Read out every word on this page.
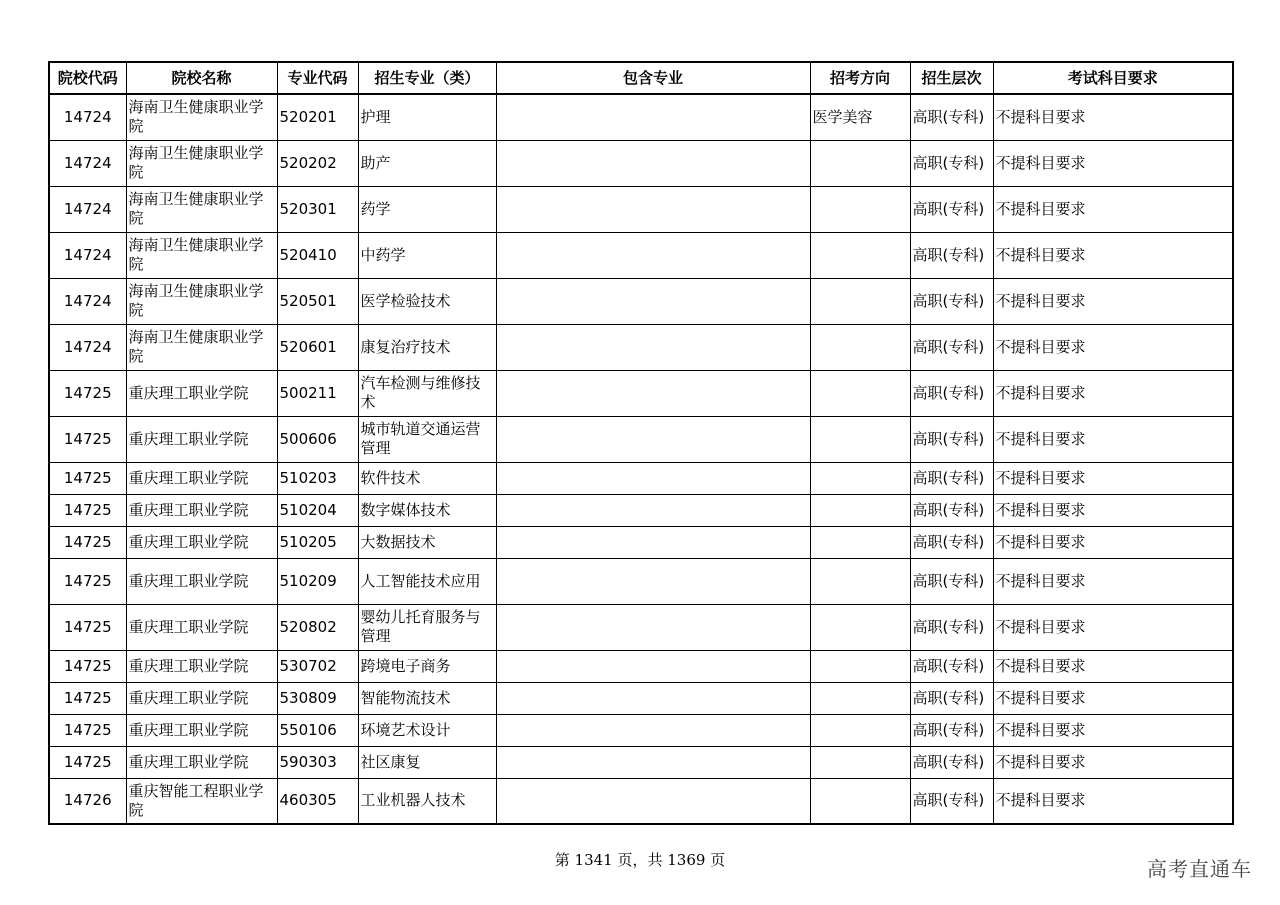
院校代码	院校名称	专业代码	招生专业（类）	包含专业	招考方向	招生层次	考试科目要求
14724	海南卫生健康职业学院	520201	护理		医学美容	高职(专科)	不提科目要求
14724	海南卫生健康职业学院	520202	助产			高职(专科)	不提科目要求
14724	海南卫生健康职业学院	520301	药学			高职(专科)	不提科目要求
14724	海南卫生健康职业学院	520410	中药学			高职(专科)	不提科目要求
14724	海南卫生健康职业学院	520501	医学检验技术			高职(专科)	不提科目要求
14724	海南卫生健康职业学院	520601	康复治疗技术			高职(专科)	不提科目要求
14725	重庆理工职业学院	500211	汽车检测与维修技术			高职(专科)	不提科目要求
14725	重庆理工职业学院	500606	城市轨道交通运营管理			高职(专科)	不提科目要求
14725	重庆理工职业学院	510203	软件技术			高职(专科)	不提科目要求
14725	重庆理工职业学院	510204	数字媒体技术			高职(专科)	不提科目要求
14725	重庆理工职业学院	510205	大数据技术			高职(专科)	不提科目要求
14725	重庆理工职业学院	510209	人工智能技术应用			高职(专科)	不提科目要求
14725	重庆理工职业学院	520802	婴幼儿托育服务与管理			高职(专科)	不提科目要求
14725	重庆理工职业学院	530702	跨境电子商务			高职(专科)	不提科目要求
14725	重庆理工职业学院	530809	智能物流技术			高职(专科)	不提科目要求
14725	重庆理工职业学院	550106	环境艺术设计			高职(专科)	不提科目要求
14725	重庆理工职业学院	590303	社区康复			高职(专科)	不提科目要求
14726	重庆智能工程职业学院	460305	工业机器人技术			高职(专科)	不提科目要求
第 1341 页，共 1369 页	高考直通车
